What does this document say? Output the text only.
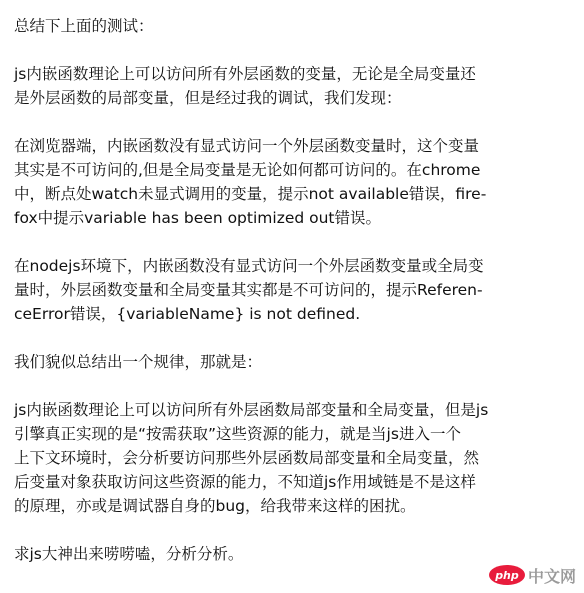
总结下上面的测试：

js内嵌函数理论上可以访问所有外层函数的变量，无论是全局变量还
是外层函数的局部变量，但是经过我的调试，我们发现：

在浏览器端，内嵌函数没有显式访问一个外层函数变量时，这个变量
其实是不可访问的,但是全局变量是无论如何都可访问的。在chrome
中，断点处watch未显式调用的变量，提示not available错误，fire-
fox中提示variable has been optimized out错误。

在nodejs环境下，内嵌函数没有显式访问一个外层函数变量或全局变
量时，外层函数变量和全局变量其实都是不可访问的，提示Referen-
ceError错误，{variableName} is not defined.

我们貌似总结出一个规律，那就是：

js内嵌函数理论上可以访问所有外层函数局部变量和全局变量，但是js
引擎真正实现的是“按需获取”这些资源的能力，就是当js进入一个
上下文环境时，会分析要访问那些外层函数局部变量和全局变量，然
后变量对象获取访问这些资源的能力，不知道js作用域链是不是这样
的原理，亦或是调试器自身的bug，给我带来这样的困扰。

求js大神出来唠唠嗑，分析分析。

php 中文网
